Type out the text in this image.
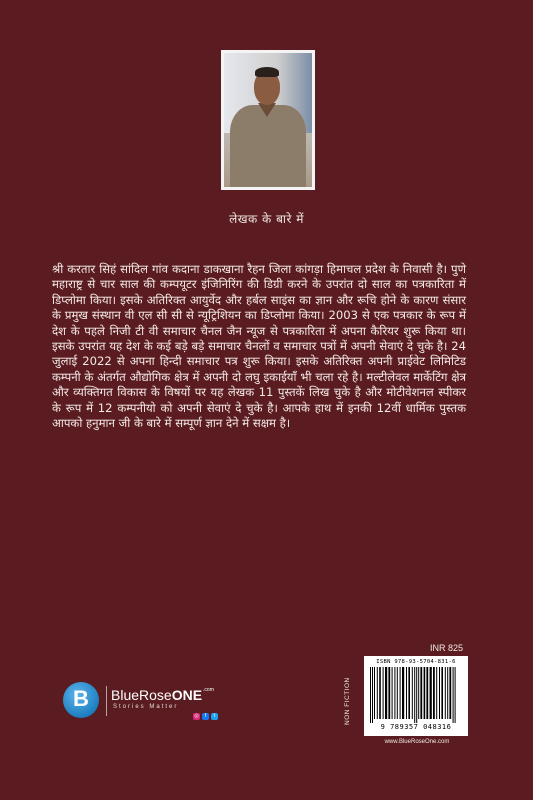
लेखक के बारे में
श्री करतार सिहं सांदिल गांव कदाना डाकखाना रैहन जिला कांगड़ा हिमाचल प्रदेश के निवासी है। पुणे महाराष्ट्र से चार साल की कम्पयूटर इंजिनिरिंग की डिग्री करने के उपरांत दो साल का पत्रकारिता में डिप्लोमा किया। इसके अतिरिक्त आयुर्वेद और हर्बल साइंस का ज्ञान और रूचि होने के कारण संसार के प्रमुख संस्थान वी एल सी सी से न्यूट्रिशियन का डिप्लोमा किया। 2003 से एक पत्रकार के रूप में देश के पहले निजी टी वी समाचार चैनल जैन न्यूज से पत्रकारिता में अपना कैरियर शुरू किया था। इसके उपरांत यह देश के कई बड़े बड़े समाचार चैनलों व समाचार पत्रों में अपनी सेवाएं दे चुके है। 24 जुलाई 2022 से अपना हिन्दी समाचार पत्र शुरू किया। इसके अतिरिक्त अपनी प्राईवेट लिमिटिड कम्पनी के अंतर्गत औद्योगिक क्षेत्र में अपनी दो लघु इकाईयाँ भी चला रहे है। मल्टीलेवल मार्केटिंग क्षेत्र और व्यक्तिगत विकास के विषयों पर यह लेखक 11 पुस्तकें लिख चुके है और मोटीवेशनल स्पीकर के रूप में 12 कम्पनीयो को अपनी सेवाएं दे चुके है। आपके हाथ में इनकी 12वीं धार्मिक पुस्तक आपको हनुमान जी के बारे में सम्पूर्ण ज्ञान देने में सक्षम है।
INR 825
NON FICTION
ISBN 978-93-5704-831-6
9 789357 048316
www.BlueRoseOne.com
B	BlueRoseONE$^{.com}$
Stories Matter
◎	f	t
